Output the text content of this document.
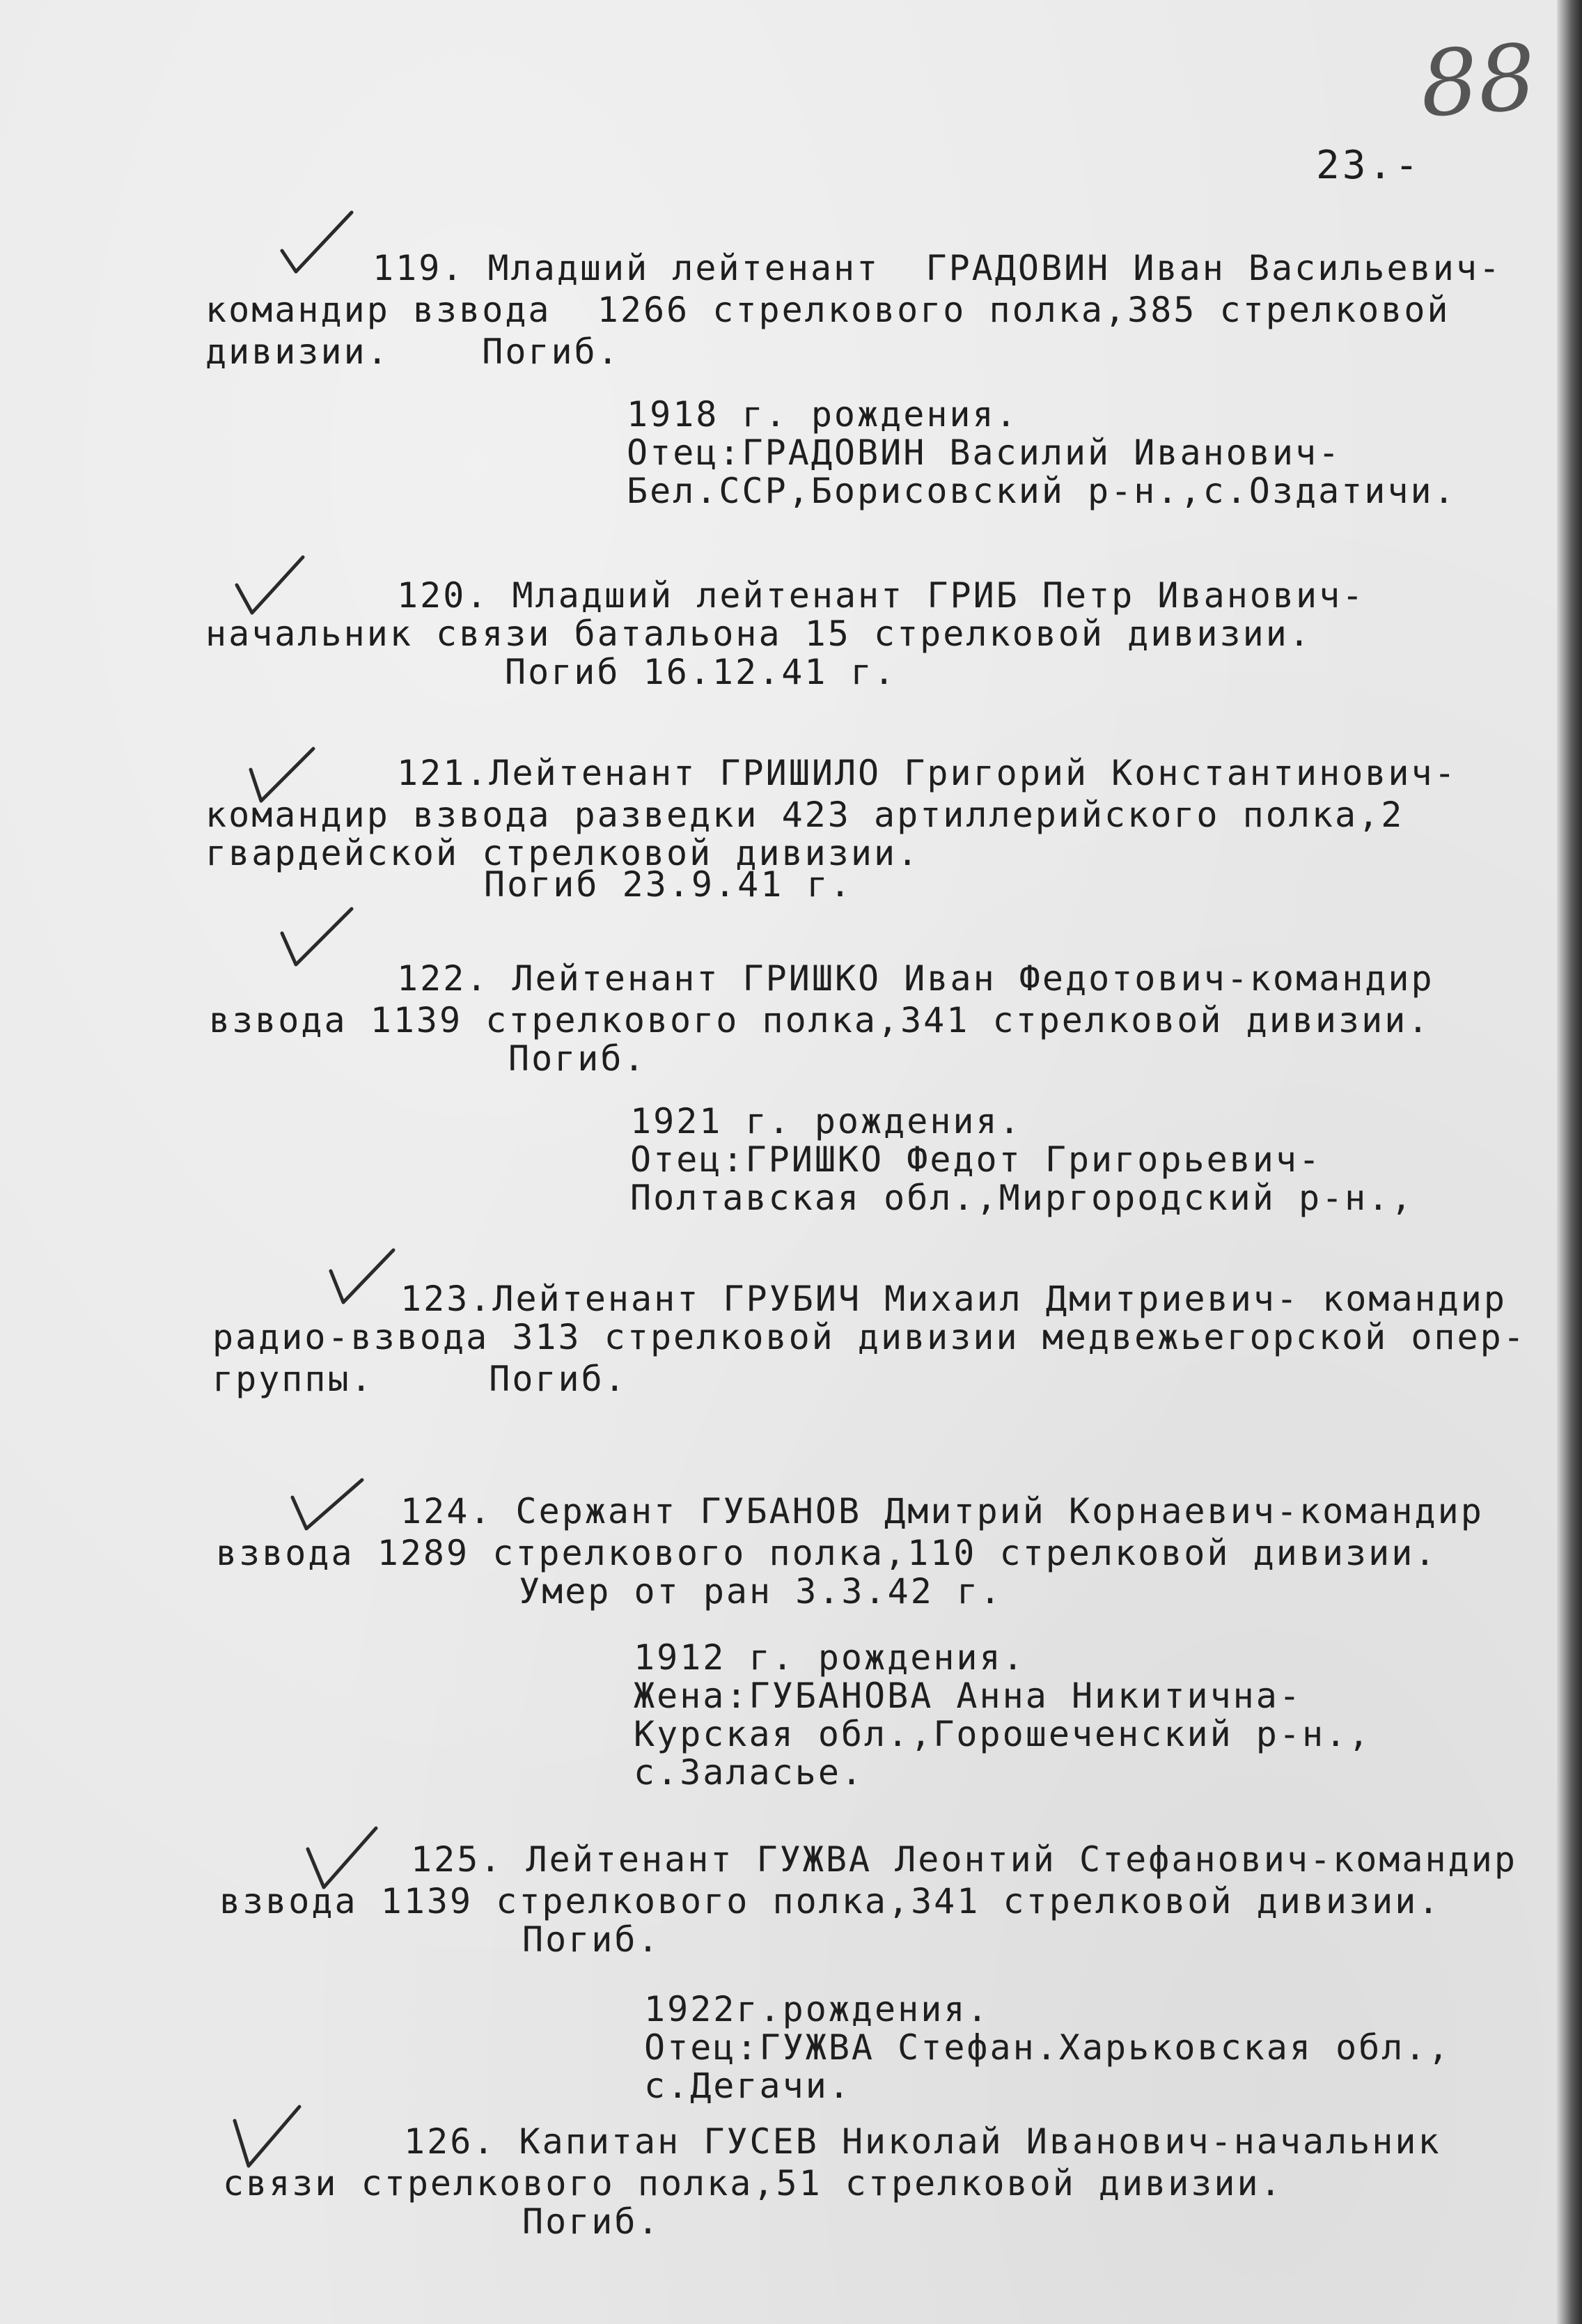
88
23.-
119. Младший лейтенант  ГРАДОВИН Иван Васильевич-
командир взвода  1266 стрелкового полка,385 стрелковой
дивизии.    Погиб.
1918 г. рождения.
Отец:ГРАДОВИН Василий Иванович-
Бел.ССР,Борисовский р-н.,с.Оздатичи.
120. Младший лейтенант ГРИБ Петр Иванович-
начальник связи батальона 15 стрелковой дивизии.
Погиб 16.12.41 г.
121.Лейтенант ГРИШИЛО Григорий Константинович-
командир взвода разведки 423 артиллерийского полка,2
гвардейской стрелковой дивизии.
Погиб 23.9.41 г.
122. Лейтенант ГРИШКО Иван Федотович-командир
взвода 1139 стрелкового полка,341 стрелковой дивизии.
Погиб.
1921 г. рождения.
Отец:ГРИШКО Федот Григорьевич-
Полтавская обл.,Миргородский р-н.,
123.Лейтенант ГРУБИЧ Михаил Дмитриевич- командир
радио-взвода 313 стрелковой дивизии медвежьегорской опер-
группы.     Погиб.
124. Сержант ГУБАНОВ Дмитрий Корнаевич-командир
взвода 1289 стрелкового полка,110 стрелковой дивизии.
Умер от ран 3.3.42 г.
1912 г. рождения.
Жена:ГУБАНОВА Анна Никитична-
Курская обл.,Горошеченский р-н.,
с.Заласье.
125. Лейтенант ГУЖВА Леонтий Стефанович-командир
взвода 1139 стрелкового полка,341 стрелковой дивизии.
Погиб.
1922г.рождения.
Отец:ГУЖВА Стефан.Харьковская обл.,
с.Дегачи.
126. Капитан ГУСЕВ Николай Иванович-начальник
связи стрелкового полка,51 стрелковой дивизии.
Погиб.
